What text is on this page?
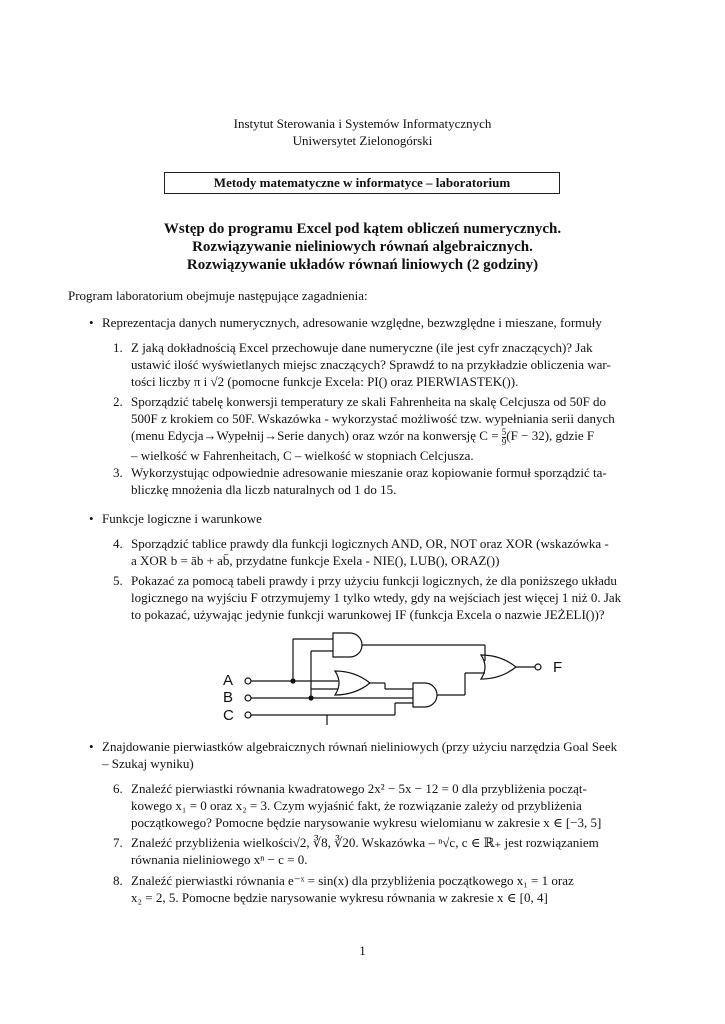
Instytut Sterowania i Systemów Informatycznych
Uniwersytet Zielonogórski
Metody matematyczne w informatyce – laboratorium
Wstęp do programu Excel pod kątem obliczeń numerycznych.
Rozwiązywanie nieliniowych równań algebraicznych.
Rozwiązywanie układów równań liniowych (2 godziny)
Program laboratorium obejmuje następujące zagadnienia:
• Reprezentacja danych numerycznych, adresowanie względne, bezwzględne i mieszane, formuły
1. Z jaką dokładnością Excel przechowuje dane numeryczne (ile jest cyfr znaczących)? Jak
ustawić ilość wyświetlanych miejsc znaczących? Sprawdź to na przykładzie obliczenia war-
tości liczby π i √2 (pomocne funkcje Excela: PI() oraz PIERWIASTEK()).
2. Sporządzić tabelę konwersji temperatury ze skali Fahrenheita na skalę Celcjusza od 50F do
500F z krokiem co 50F. Wskazówka - wykorzystać możliwość tzw. wypełniania serii danych
(menu Edycja→Wypełnij→Serie danych) oraz wzór na konwersję $C = \frac{5}{9} (F - 32)$, gdzie F
– wielkość w Fahrenheitach, C – wielkość w stopniach Celcjusza.
3. Wykorzystując odpowiednie adresowanie mieszanie oraz kopiowanie formuł sporządzić ta-
bliczkę mnożenia dla liczb naturalnych od 1 do 15.
• Funkcje logiczne i warunkowe
4. Sporządzić tablice prawdy dla funkcji logicznych AND, OR, NOT oraz XOR (wskazówka -
a XOR b = āb + ab̄, przydatne funkcje Exela - NIE(), LUB(), ORAZ())
5. Pokazać za pomocą tabeli prawdy i przy użyciu funkcji logicznych, że dla poniższego układu
logicznego na wyjściu F otrzymujemy 1 tylko wtedy, gdy na wejściach jest więcej 1 niż 0. Jak
to pokazać, używając jedynie funkcji warunkowej IF (funkcja Excela o nazwie JEŻELI())?
A
B
C
F
• Znajdowanie pierwiastków algebraicznych równań nieliniowych (przy użyciu narzędzia Goal Seek
– Szukaj wyniku)
6. Znaleźć pierwiastki równania kwadratowego 2x² − 5x − 12 = 0 dla przybliżenia począt-
kowego x₁ = 0 oraz x₂ = 3. Czym wyjaśnić fakt, że rozwiązanie zależy od przybliżenia
początkowego? Pomocne będzie narysowanie wykresu wielomianu w zakresie x ∈ [−3, 5]
7. Znaleźć przybliżenia wielkości√2, ∛8, ∛20. Wskazówka – ⁿ√c, c ∈ ℝ₊ jest rozwiązaniem
równania nieliniowego xⁿ − c = 0.
8. Znaleźć pierwiastki równania e⁻ˣ = sin(x) dla przybliżenia początkowego x₁ = 1 oraz
x₂ = 2, 5. Pomocne będzie narysowanie wykresu równania w zakresie x ∈ [0, 4]
1
